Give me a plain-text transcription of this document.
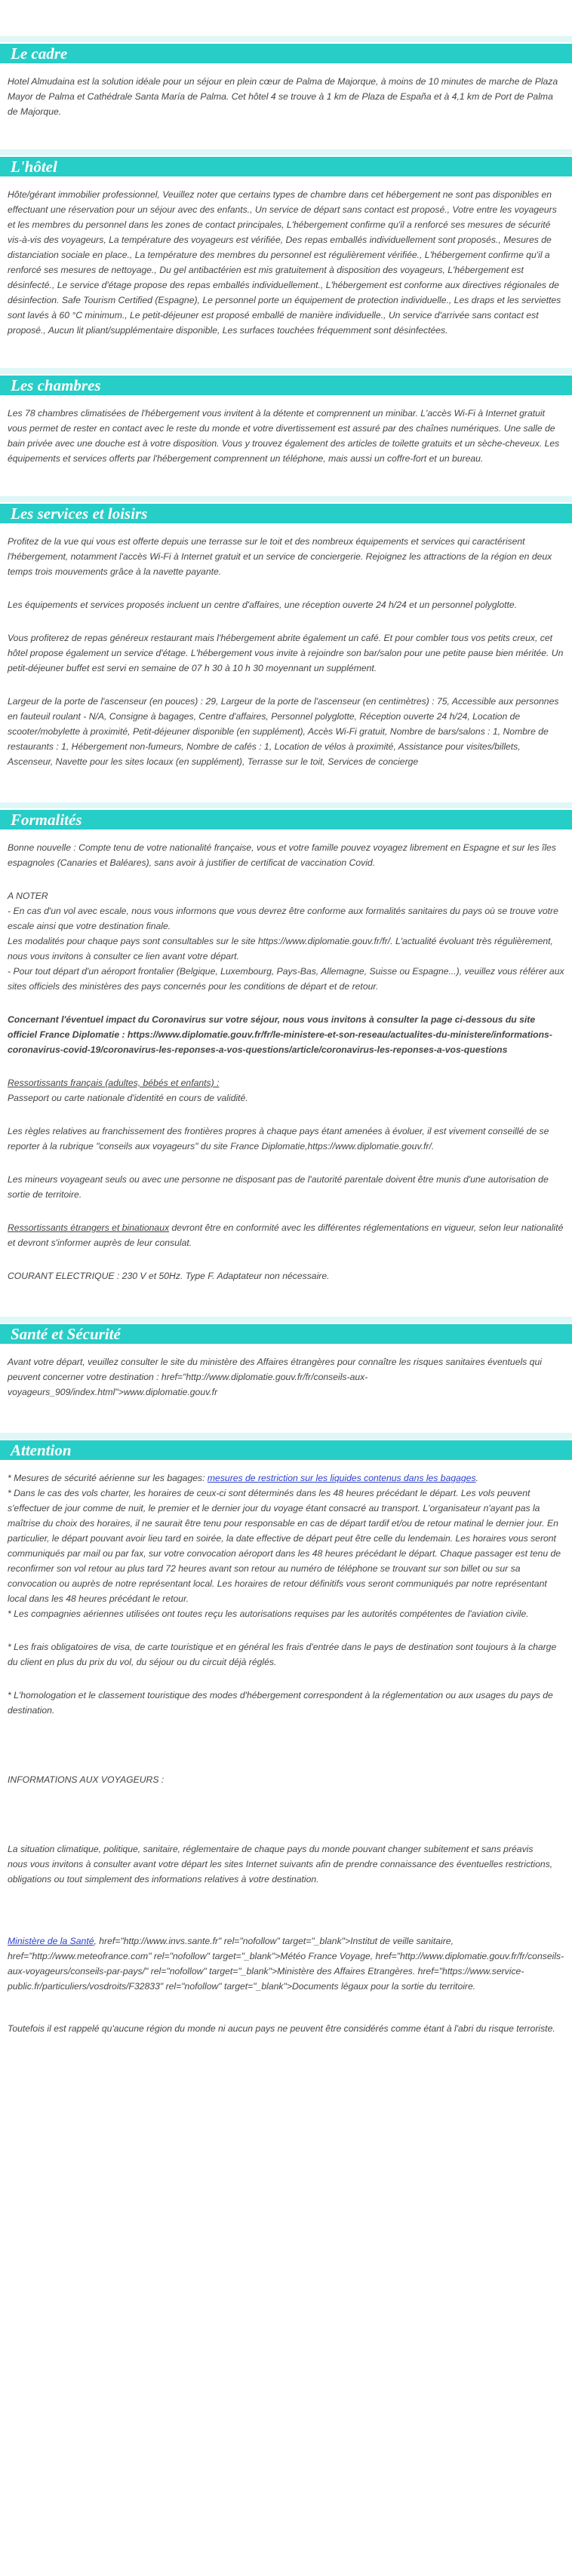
Le cadre

Hotel Almudaina est la solution idéale pour un séjour en plein cœur de Palma de Majorque, à moins de 10 minutes de marche de Plaza Mayor de Palma et Cathédrale Santa María de Palma. Cet hôtel 4 se trouve à 1 km de Plaza de España et à 4,1 km de Port de Palma de Majorque.

L'hôtel

Hôte/gérant immobilier professionnel, Veuillez noter que certains types de chambre dans cet hébergement ne sont pas disponibles en effectuant une réservation pour un séjour avec des enfants., Un service de départ sans contact est proposé., Votre entre les voyageurs et les membres du personnel dans les zones de contact principales, L'hébergement confirme qu'il a renforcé ses mesures de sécurité vis-à-vis des voyageurs, La température des voyageurs est vérifiée, Des repas emballés individuellement sont proposés., Mesures de distanciation sociale en place., La température des membres du personnel est régulièrement vérifiée., L'hébergement confirme qu'il a renforcé ses mesures de nettoyage., Du gel antibactérien est mis gratuitement à disposition des voyageurs, L'hébergement est désinfecté., Le service d'étage propose des repas emballés individuellement., L'hébergement est conforme aux directives régionales de désinfection. Safe Tourism Certified (Espagne), Le personnel porte un équipement de protection individuelle., Les draps et les serviettes sont lavés à 60 °C minimum., Le petit-déjeuner est proposé emballé de manière individuelle., Un service d'arrivée sans contact est proposé., Aucun lit pliant/supplémentaire disponible, Les surfaces touchées fréquemment sont désinfectées.

Les chambres

Les 78 chambres climatisées de l'hébergement vous invitent à la détente et comprennent un minibar. L'accès Wi-Fi à Internet gratuit vous permet de rester en contact avec le reste du monde et votre divertissement est assuré par des chaînes numériques. Une salle de bain privée avec une douche est à votre disposition. Vous y trouvez également des articles de toilette gratuits et un sèche-cheveux. Les équipements et services offerts par l'hébergement comprennent un téléphone, mais aussi un coffre-fort et un bureau.

Les services et loisirs

Profitez de la vue qui vous est offerte depuis une terrasse sur le toit et des nombreux équipements et services qui caractérisent l'hébergement, notamment l'accès Wi-Fi à Internet gratuit et un service de conciergerie. Rejoignez les attractions de la région en deux temps trois mouvements grâce à la navette payante.

Les équipements et services proposés incluent un centre d'affaires, une réception ouverte 24 h/24 et un personnel polyglotte.

Vous profiterez de repas généreux restaurant mais l'hébergement abrite également un café. Et pour combler tous vos petits creux, cet hôtel propose également un service d'étage. L'hébergement vous invite à rejoindre son bar/salon pour une petite pause bien méritée. Un petit-déjeuner buffet est servi en semaine de 07 h 30 à 10 h 30 moyennant un supplément.

Largeur de la porte de l'ascenseur (en pouces) : 29, Largeur de la porte de l'ascenseur (en centimètres) : 75, Accessible aux personnes en fauteuil roulant - N/A, Consigne à bagages, Centre d'affaires, Personnel polyglotte, Réception ouverte 24 h/24, Location de scooter/mobylette à proximité, Petit-déjeuner disponible (en supplément), Accès Wi-Fi gratuit, Nombre de bars/salons : 1, Nombre de restaurants : 1, Hébergement non-fumeurs, Nombre de cafés : 1, Location de vélos à proximité, Assistance pour visites/billets, Ascenseur, Navette pour les sites locaux (en supplément), Terrasse sur le toit, Services de concierge

Formalités

Bonne nouvelle : Compte tenu de votre nationalité française, vous et votre famille pouvez voyagez librement en Espagne et sur les îles espagnoles (Canaries et Baléares), sans avoir à justifier de certificat de vaccination Covid.

A NOTER

- En cas d'un vol avec escale, nous vous informons que vous devrez être conforme aux formalités sanitaires du pays où se trouve votre escale ainsi que votre destination finale.

Les modalités pour chaque pays sont consultables sur le site https://www.diplomatie.gouv.fr/fr/. L'actualité évoluant très régulièrement, nous vous invitons à consulter ce lien avant votre départ.

- Pour tout départ d'un aéroport frontalier (Belgique, Luxembourg, Pays-Bas, Allemagne, Suisse ou Espagne...), veuillez vous référer aux sites officiels des ministères des pays concernés pour les conditions de départ et de retour.

Concernant l'éventuel impact du Coronavirus sur votre séjour, nous vous invitons à consulter la page ci-dessous du site officiel France Diplomatie : https://www.diplomatie.gouv.fr/fr/le-ministere-et-son-reseau/actualites-du-ministere/informations-coronavirus-covid-19/coronavirus-les-reponses-a-vos-questions/article/coronavirus-les-reponses-a-vos-questions

Ressortissants français (adultes, bébés et enfants) :

Passeport ou carte nationale d'identité en cours de validité.

Les règles relatives au franchissement des frontières propres à chaque pays étant amenées à évoluer, il est vivement conseillé de se reporter à la rubrique "conseils aux voyageurs" du site France Diplomatie,https://www.diplomatie.gouv.fr/.

Les mineurs voyageant seuls ou avec une personne ne disposant pas de l'autorité parentale doivent être munis d'une autorisation de sortie de territoire.

Ressortissants étrangers et binationaux devront être en conformité avec les différentes réglementations en vigueur, selon leur nationalité et devront s'informer auprès de leur consulat.

COURANT ELECTRIQUE : 230 V et 50Hz. Type F. Adaptateur non nécessaire.

Santé et Sécurité

Avant votre départ, veuillez consulter le site du ministère des Affaires étrangères pour connaître les risques sanitaires éventuels qui peuvent concerner votre destination : href="http://www.diplomatie.gouv.fr/fr/conseils-aux-voyageurs_909/index.html">www.diplomatie.gouv.fr

Attention

* Mesures de sécurité aérienne sur les bagages: mesures de restriction sur les liquides contenus dans les bagages.

* Dans le cas des vols charter, les horaires de ceux-ci sont déterminés dans les 48 heures précédant le départ. Les vols peuvent s'effectuer de jour comme de nuit, le premier et le dernier jour du voyage étant consacré au transport. L'organisateur n'ayant pas la maîtrise du choix des horaires, il ne saurait être tenu pour responsable en cas de départ tardif et/ou de retour matinal le dernier jour. En particulier, le départ pouvant avoir lieu tard en soirée, la date effective de départ peut être celle du lendemain. Les horaires vous seront communiqués par mail ou par fax, sur votre convocation aéroport dans les 48 heures précédant le départ. Chaque passager est tenu de reconfirmer son vol retour au plus tard 72 heures avant son retour au numéro de téléphone se trouvant sur son billet ou sur sa convocation ou auprès de notre représentant local. Les horaires de retour définitifs vous seront communiqués par notre représentant local dans les 48 heures précédant le retour.

* Les compagnies aériennes utilisées ont toutes reçu les autorisations requises par les autorités compétentes de l'aviation civile.

* Les frais obligatoires de visa, de carte touristique et en général les frais d'entrée dans le pays de destination sont toujours à la charge du client en plus du prix du vol, du séjour ou du circuit déjà réglés.

* L'homologation et le classement touristique des modes d'hébergement correspondent à la réglementation ou aux usages du pays de destination.

INFORMATIONS AUX VOYAGEURS :

La situation climatique, politique, sanitaire, réglementaire de chaque pays du monde pouvant changer subitement et sans préavis

nous vous invitons à consulter avant votre départ les sites Internet suivants afin de prendre connaissance des éventuelles restrictions, obligations ou tout simplement des informations relatives à votre destination.

Ministère de la Santé, href="http://www.invs.sante.fr" rel="nofollow" target="_blank">Institut de veille sanitaire, href="http://www.meteofrance.com" rel="nofollow" target="_blank">Météo France Voyage, href="http://www.diplomatie.gouv.fr/fr/conseils-aux-voyageurs/conseils-par-pays/" rel="nofollow" target="_blank">Ministère des Affaires Etrangères. href="https://www.service-public.fr/particuliers/vosdroits/F32833" rel="nofollow" target="_blank">Documents légaux pour la sortie du territoire.

Toutefois il est rappelé qu'aucune région du monde ni aucun pays ne peuvent être considérés comme étant à l'abri du risque terroriste.
